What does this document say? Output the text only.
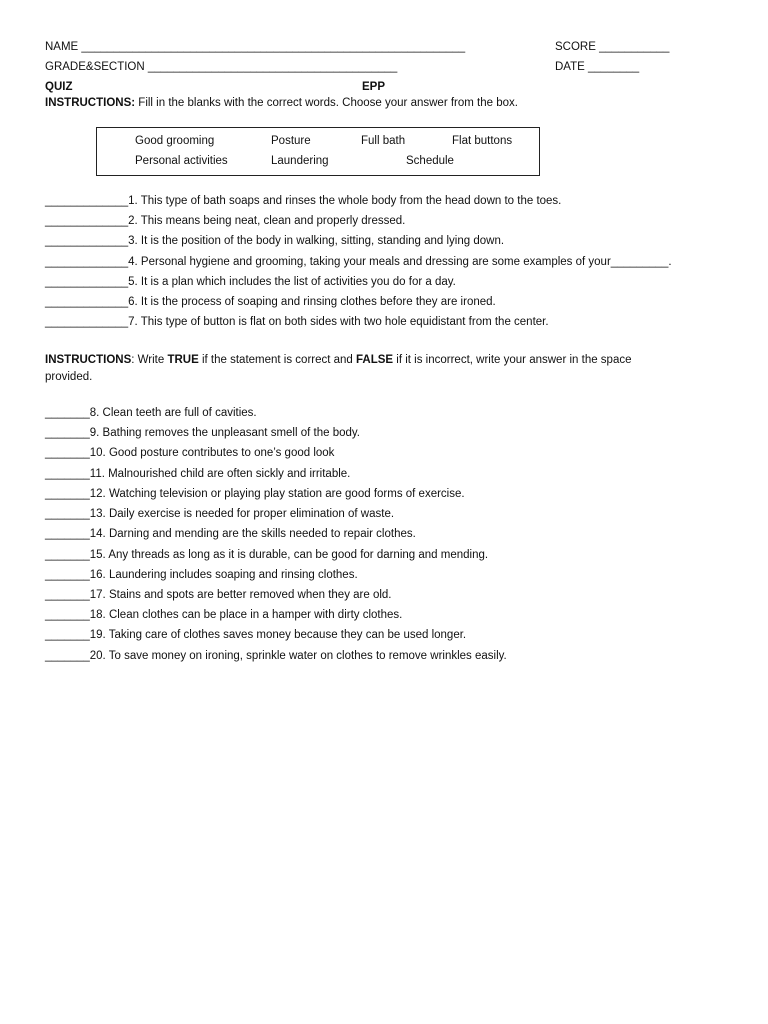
NAME ____________________________________________________________	SCORE ___________
GRADE&SECTION _______________________________________	DATE ________
QUIZ	EPP
INSTRUCTIONS: Fill in the blanks with the correct words. Choose your answer from the box.
Good grooming	Posture	Full bath	Flat buttons
Personal activities	Laundering	Schedule
_____________1. This type of bath soaps and rinses the whole body from the head down to the toes.
_____________2. This means being neat, clean and properly dressed.
_____________3. It is the position of the body in walking, sitting, standing and lying down.
_____________4. Personal hygiene and grooming, taking your meals and dressing are some examples of your_________.
_____________5. It is a plan which includes the list of activities you do for a day.
_____________6. It is the process of soaping and rinsing clothes before they are ironed.
_____________7. This type of button is flat on both sides with two hole equidistant from the center.
INSTRUCTIONS: Write TRUE if the statement is correct and FALSE if it is incorrect, write your answer in the space
provided.
_______8. Clean teeth are full of cavities.
_______9. Bathing removes the unpleasant smell of the body.
_______10. Good posture contributes to one’s good look
_______11. Malnourished child are often sickly and irritable.
_______12. Watching television or playing play station are good forms of exercise.
_______13. Daily exercise is needed for proper elimination of waste.
_______14. Darning and mending are the skills needed to repair clothes.
_______15. Any threads as long as it is durable, can be good for darning and mending.
_______16. Laundering includes soaping and rinsing clothes.
_______17. Stains and spots are better removed when they are old.
_______18. Clean clothes can be place in a hamper with dirty clothes.
_______19. Taking care of clothes saves money because they can be used longer.
_______20. To save money on ironing, sprinkle water on clothes to remove wrinkles easily.
